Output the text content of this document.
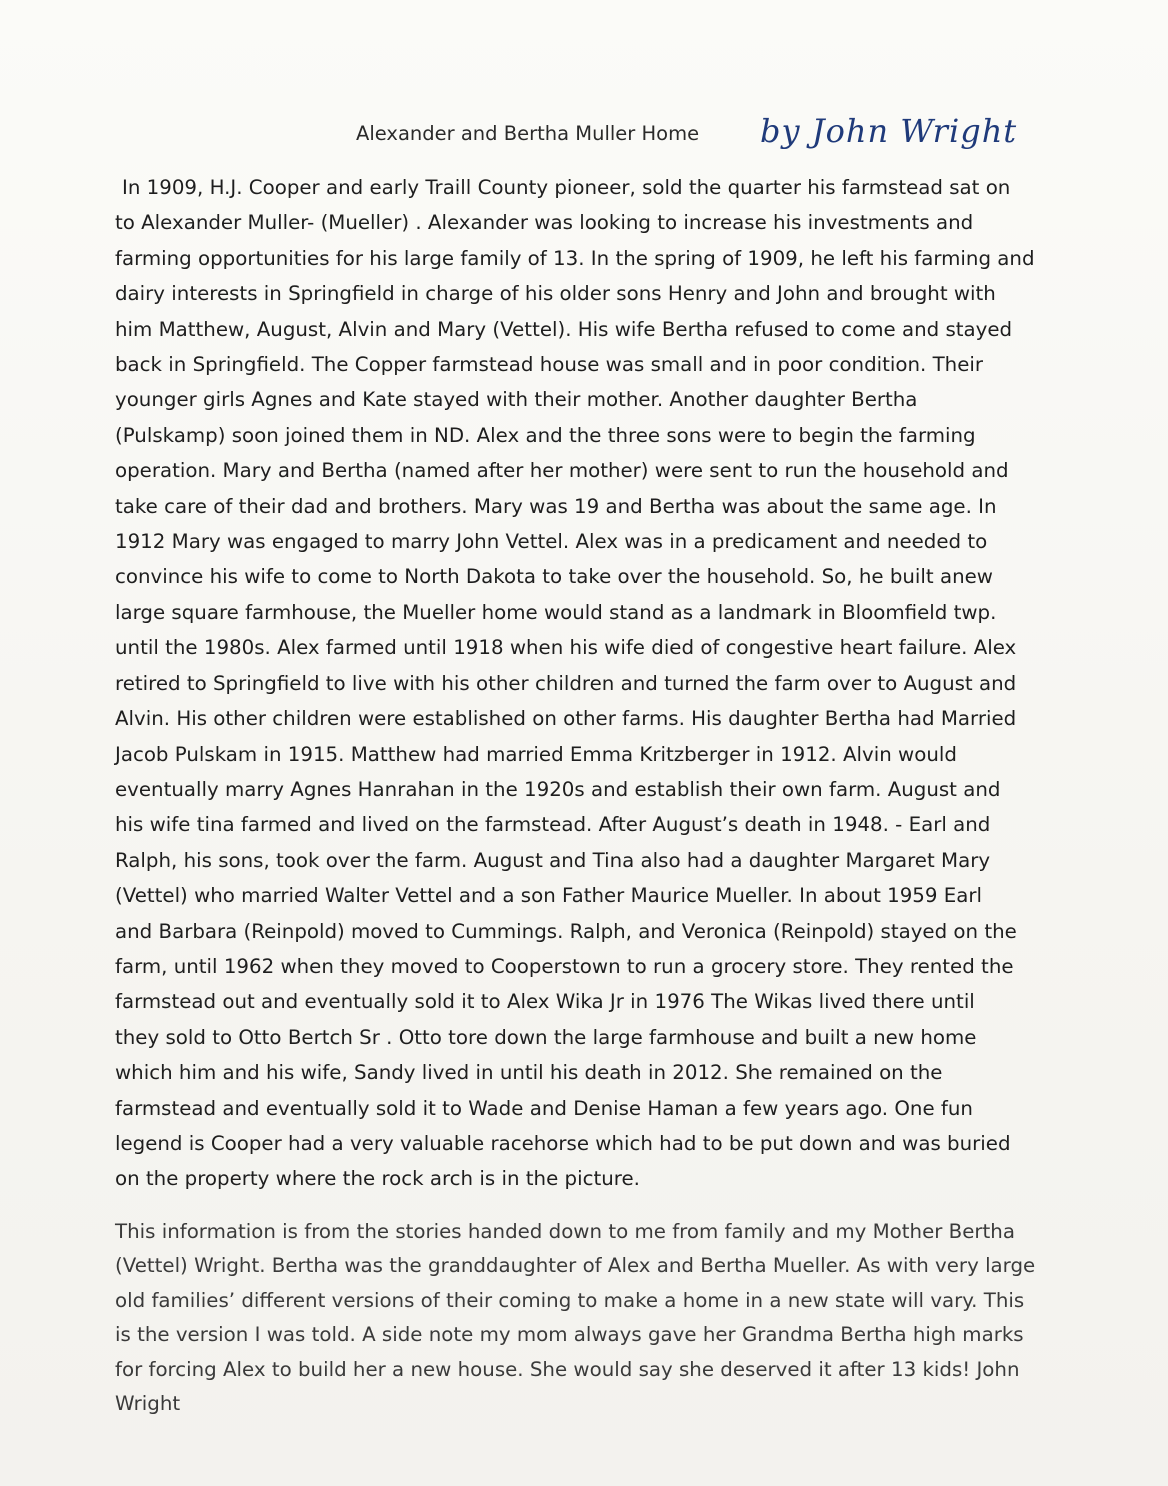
Alexander and Bertha Muller Home by John Wright

In 1909, H.J. Cooper and early Traill County pioneer, sold the quarter his farmstead sat on
to Alexander Muller- (Mueller) . Alexander was looking to increase his investments and
farming opportunities for his large family of 13. In the spring of 1909, he left his farming and
dairy interests in Springfield in charge of his older sons Henry and John and brought with
him Matthew, August, Alvin and Mary (Vettel). His wife Bertha refused to come and stayed
back in Springfield. The Copper farmstead house was small and in poor condition. Their
younger girls Agnes and Kate stayed with their mother. Another daughter Bertha
(Pulskamp) soon joined them in ND. Alex and the three sons were to begin the farming
operation. Mary and Bertha (named after her mother) were sent to run the household and
take care of their dad and brothers. Mary was 19 and Bertha was about the same age. In
1912 Mary was engaged to marry John Vettel. Alex was in a predicament and needed to
convince his wife to come to North Dakota to take over the household. So, he built anew
large square farmhouse, the Mueller home would stand as a landmark in Bloomfield twp.
until the 1980s. Alex farmed until 1918 when his wife died of congestive heart failure. Alex
retired to Springfield to live with his other children and turned the farm over to August and
Alvin. His other children were established on other farms. His daughter Bertha had Married
Jacob Pulskam in 1915. Matthew had married Emma Kritzberger in 1912. Alvin would
eventually marry Agnes Hanrahan in the 1920s and establish their own farm. August and
his wife tina farmed and lived on the farmstead. After August’s death in 1948. - Earl and
Ralph, his sons, took over the farm. August and Tina also had a daughter Margaret Mary
(Vettel) who married Walter Vettel and a son Father Maurice Mueller. In about 1959 Earl
and Barbara (Reinpold) moved to Cummings. Ralph, and Veronica (Reinpold) stayed on the
farm, until 1962 when they moved to Cooperstown to run a grocery store. They rented the
farmstead out and eventually sold it to Alex Wika Jr in 1976 The Wikas lived there until
they sold to Otto Bertch Sr . Otto tore down the large farmhouse and built a new home
which him and his wife, Sandy lived in until his death in 2012. She remained on the
farmstead and eventually sold it to Wade and Denise Haman a few years ago. One fun
legend is Cooper had a very valuable racehorse which had to be put down and was buried
on the property where the rock arch is in the picture.

This information is from the stories handed down to me from family and my Mother Bertha
(Vettel) Wright. Bertha was the granddaughter of Alex and Bertha Mueller. As with very large
old families’ different versions of their coming to make a home in a new state will vary. This
is the version I was told. A side note my mom always gave her Grandma Bertha high marks
for forcing Alex to build her a new house. She would say she deserved it after 13 kids! John
Wright
